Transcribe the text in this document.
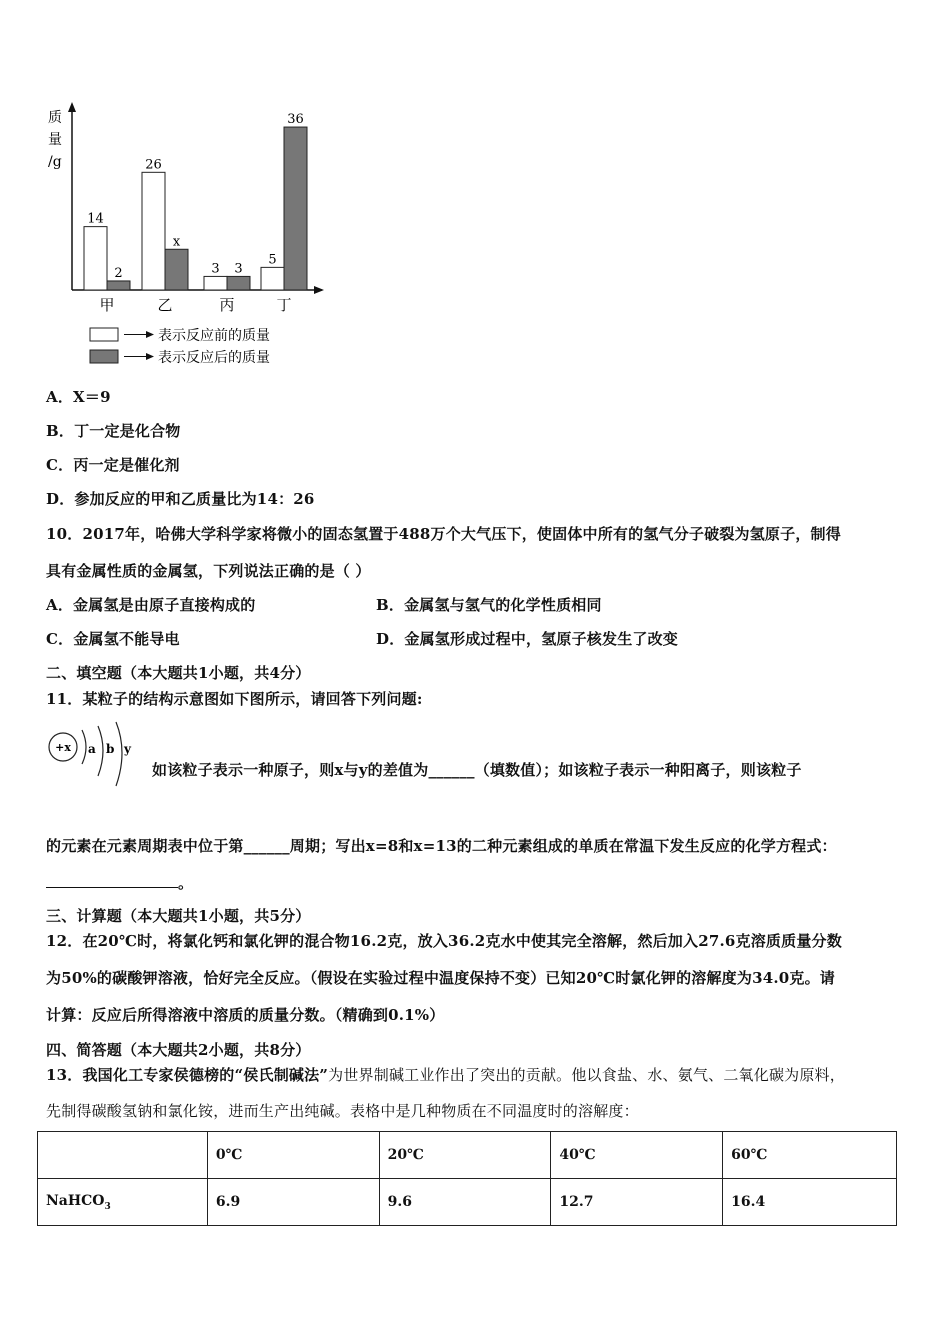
质
量
/g
14
2
甲
26
x
乙
3 3
丙
5
36
丁
表示反应前的质量
表示反应后的质量
A．X＝9
B．丁一定是化合物
C．丙一定是催化剂
D．参加反应的甲和乙质量比为14：26
10．2017年，哈佛大学科学家将微小的固态氢置于488万个大气压下，使固体中所有的氢气分子破裂为氢原子，制得
具有金属性质的金属氢，下列说法正确的是（ ）
A．金属氢是由原子直接构成的	B．金属氢与氢气的化学性质相同
C．金属氢不能导电	D．金属氢形成过程中，氢原子核发生了改变
二、填空题（本大题共1小题，共4分）
11．某粒子的结构示意图如下图所示，请回答下列问题:
+x a b y
如该粒子表示一种原子，则x与y的差值为______（填数值）；如该粒子表示一种阳离子，则该粒子
的元素在元素周期表中位于第______周期；写出x=8和x=13的二种元素组成的单质在常温下发生反应的化学方程式：
。
三、计算题（本大题共1小题，共5分）
12．在20℃时，将氯化钙和氯化钾的混合物16.2克，放入36.2克水中使其完全溶解，然后加入27.6克溶质质量分数
为50%的碳酸钾溶液，恰好完全反应。（假设在实验过程中温度保持不变）已知20℃时氯化钾的溶解度为34.0克。请
计算：反应后所得溶液中溶质的质量分数。（精确到0.1%）
四、简答题（本大题共2小题，共8分）
13．我国化工专家侯德榜的“侯氏制碱法”为世界制碱工业作出了突出的贡献。他以食盐、水、氨气、二氧化碳为原料，
先制得碳酸氢钠和氯化铵，进而生产出纯碱。表格中是几种物质在不同温度时的溶解度：
	0℃	20℃	40℃	60℃
NaHCO$_3$	6.9	9.6	12.7	16.4
